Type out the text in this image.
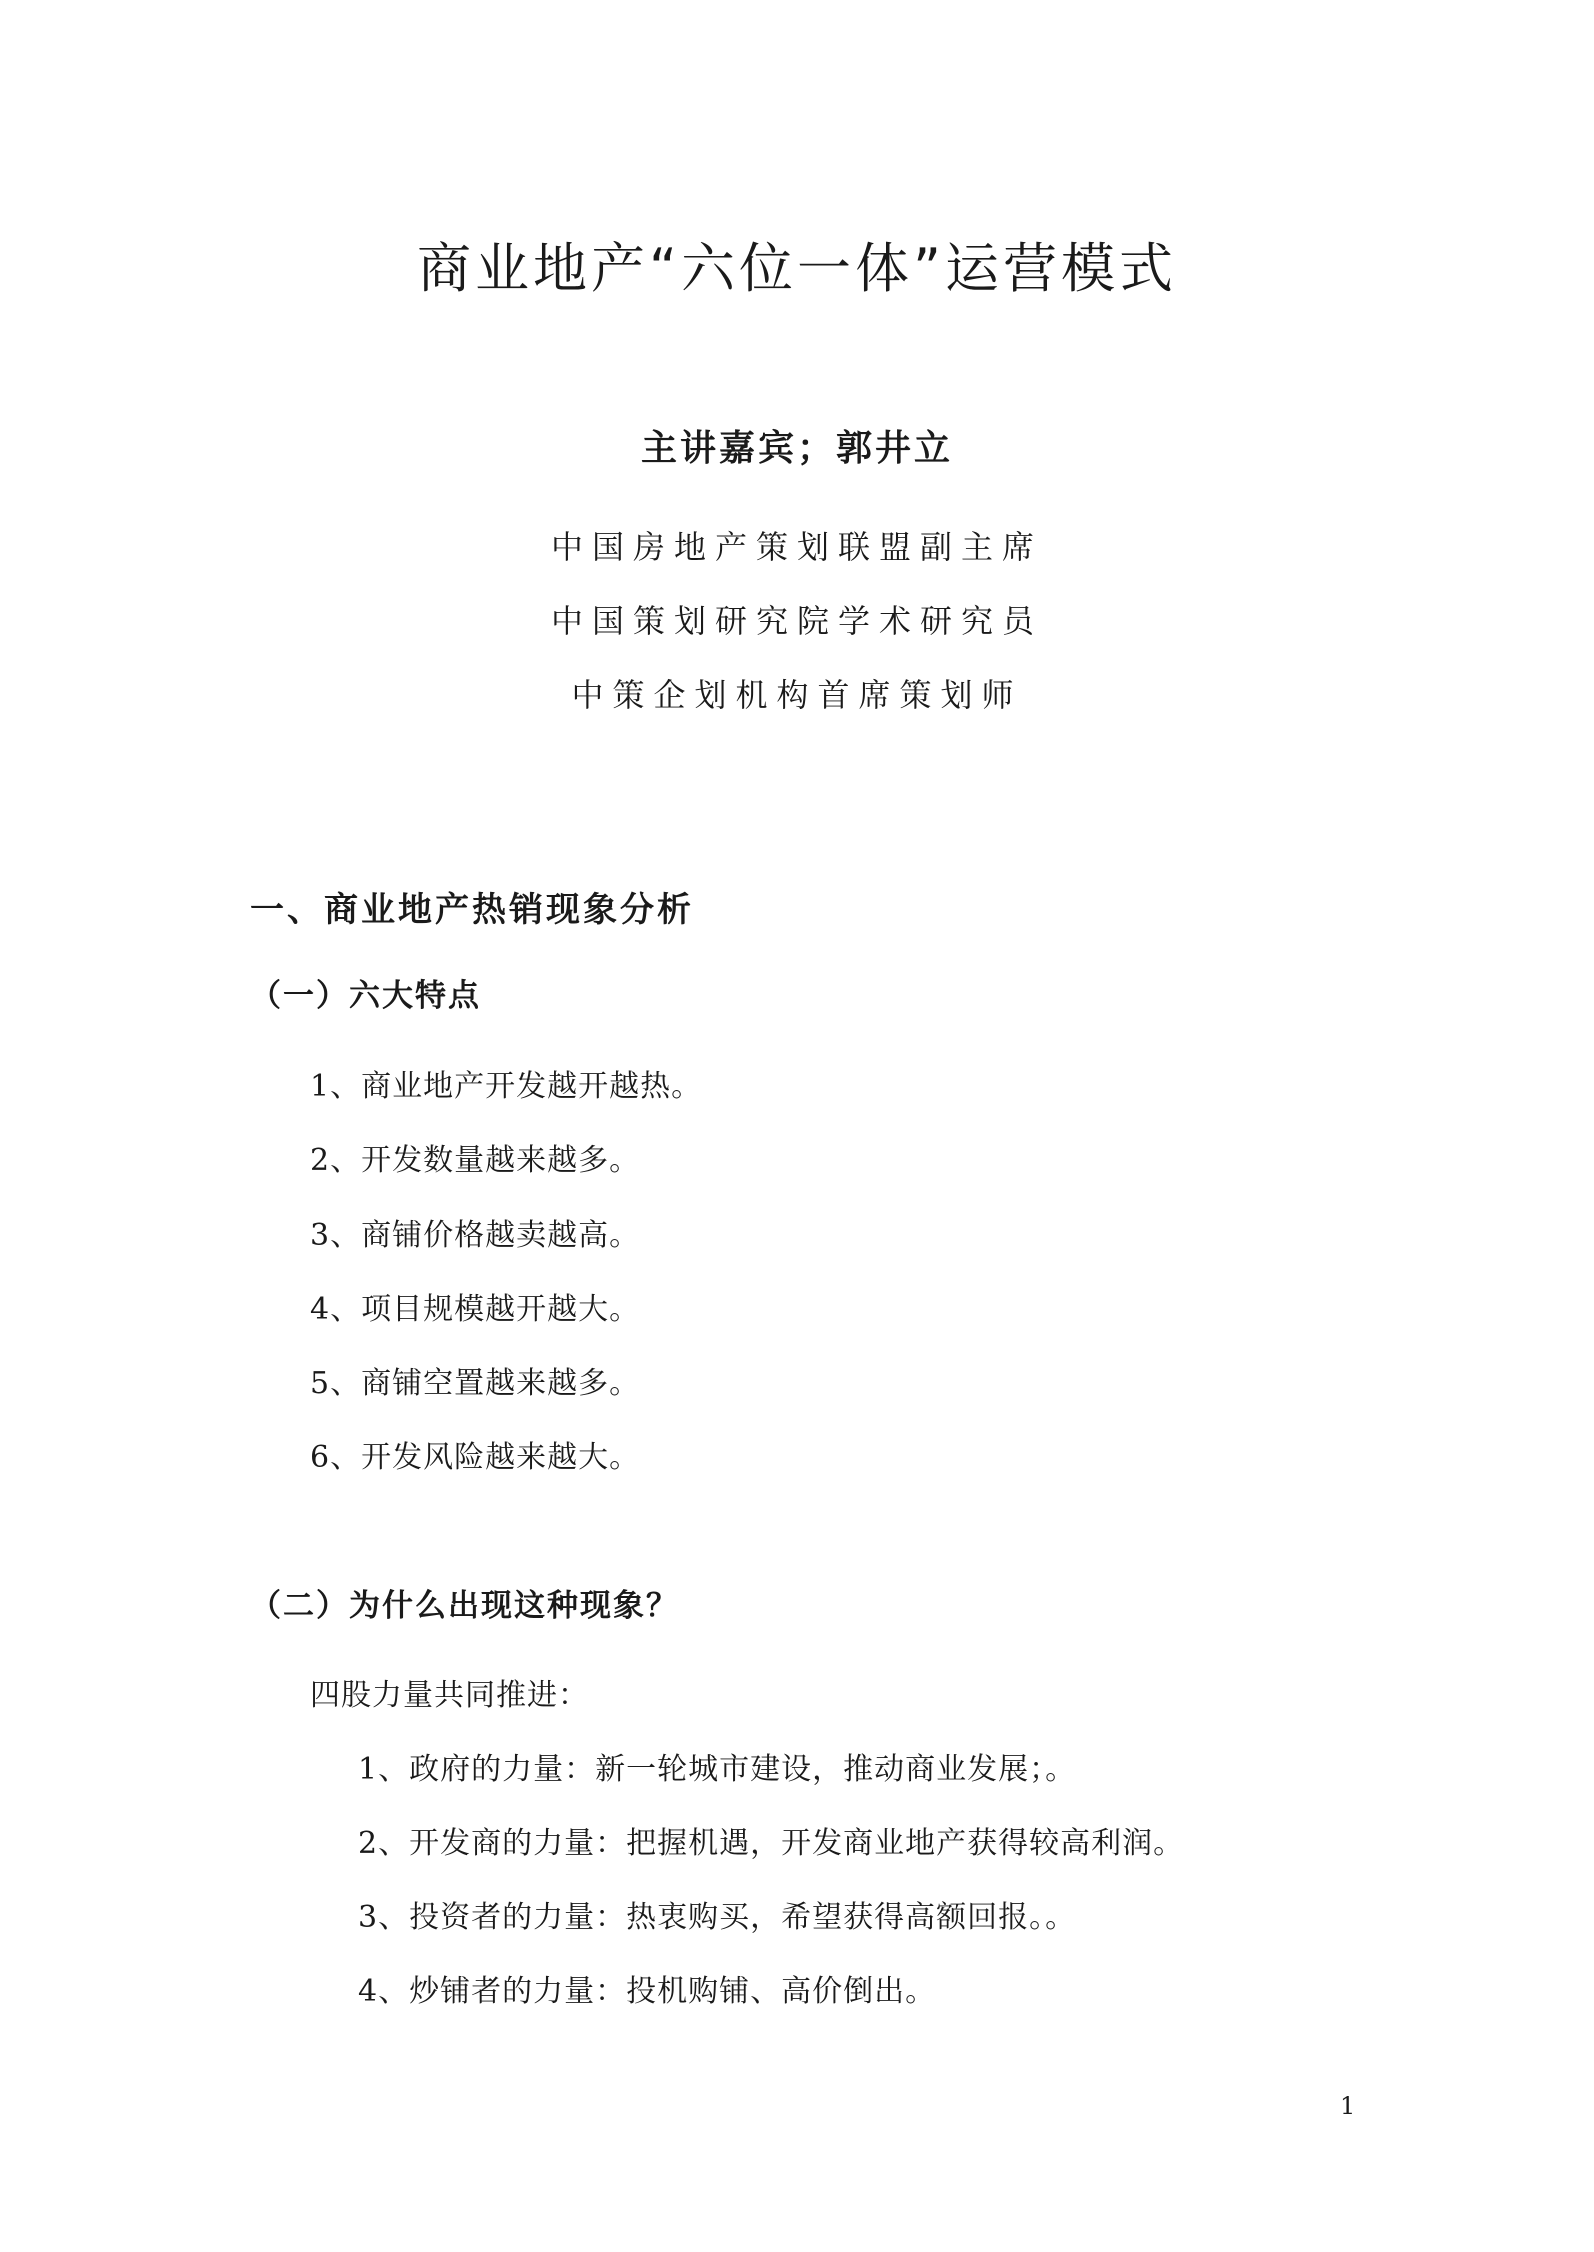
商业地产“六位一体”运营模式
主讲嘉宾；郭井立
中国房地产策划联盟副主席
中国策划研究院学术研究员
中策企划机构首席策划师
一、商业地产热销现象分析
（一）六大特点
1、商业地产开发越开越热。
2、开发数量越来越多。
3、商铺价格越卖越高。
4、项目规模越开越大。
5、商铺空置越来越多。
6、开发风险越来越大。
（二）为什么出现这种现象？
四股力量共同推进：
1、政府的力量：新一轮城市建设，推动商业发展；。
2、开发商的力量：把握机遇，开发商业地产获得较高利润。
3、投资者的力量：热衷购买，希望获得高额回报。。
4、炒铺者的力量：投机购铺、高价倒出。
1
